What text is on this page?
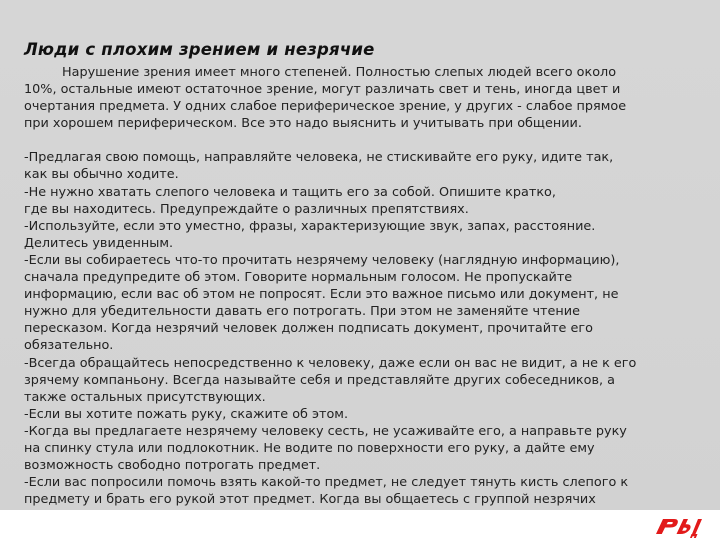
Люди с плохим зрением и незрячие

Нарушение зрения имеет много степеней. Полностью слепых людей всего около

10%, остальные имеют остаточное зрение, могут различать свет и тень, иногда цвет и

очертания предмета. У одних слабое периферическое зрение, у других - слабое прямое

при хорошем периферическом. Все это надо выяснить и учитывать при общении.

-Предлагая свою помощь, направляйте человека, не стискивайте его руку, идите так,

как вы обычно ходите.

-Не нужно хватать слепого человека и тащить его за собой. Опишите кратко,

где вы находитесь. Предупреждайте о различных препятствиях.

-Используйте, если это уместно, фразы, характеризующие звук, запах, расстояние.

Делитесь увиденным.

-Если вы собираетесь что-то прочитать незрячему человеку (наглядную информацию),

сначала предупредите об этом. Говорите нормальным голосом. Не пропускайте

информацию, если вас об этом не попросят. Если это важное письмо или документ, не

нужно для убедительности давать его потрогать. При этом не заменяйте чтение

пересказом. Когда незрячий человек должен подписать документ, прочитайте его

обязательно.

-Всегда обращайтесь непосредственно к человеку, даже если он вас не видит, а не к его

зрячему компаньону. Всегда называйте себя и представляйте других собеседников, а

также остальных присутствующих.

-Если вы хотите пожать руку, скажите об этом.

-Когда вы предлагаете незрячему человеку сесть, не усаживайте его, а направьте руку

на спинку стула или подлокотник. Не водите по поверхности его руку, а дайте ему

возможность свободно потрогать предмет.

-Если вас попросили помочь взять какой-то предмет, не следует тянуть кисть слепого к

предмету и брать его рукой этот предмет. Когда вы общаетесь с группой незрячих
